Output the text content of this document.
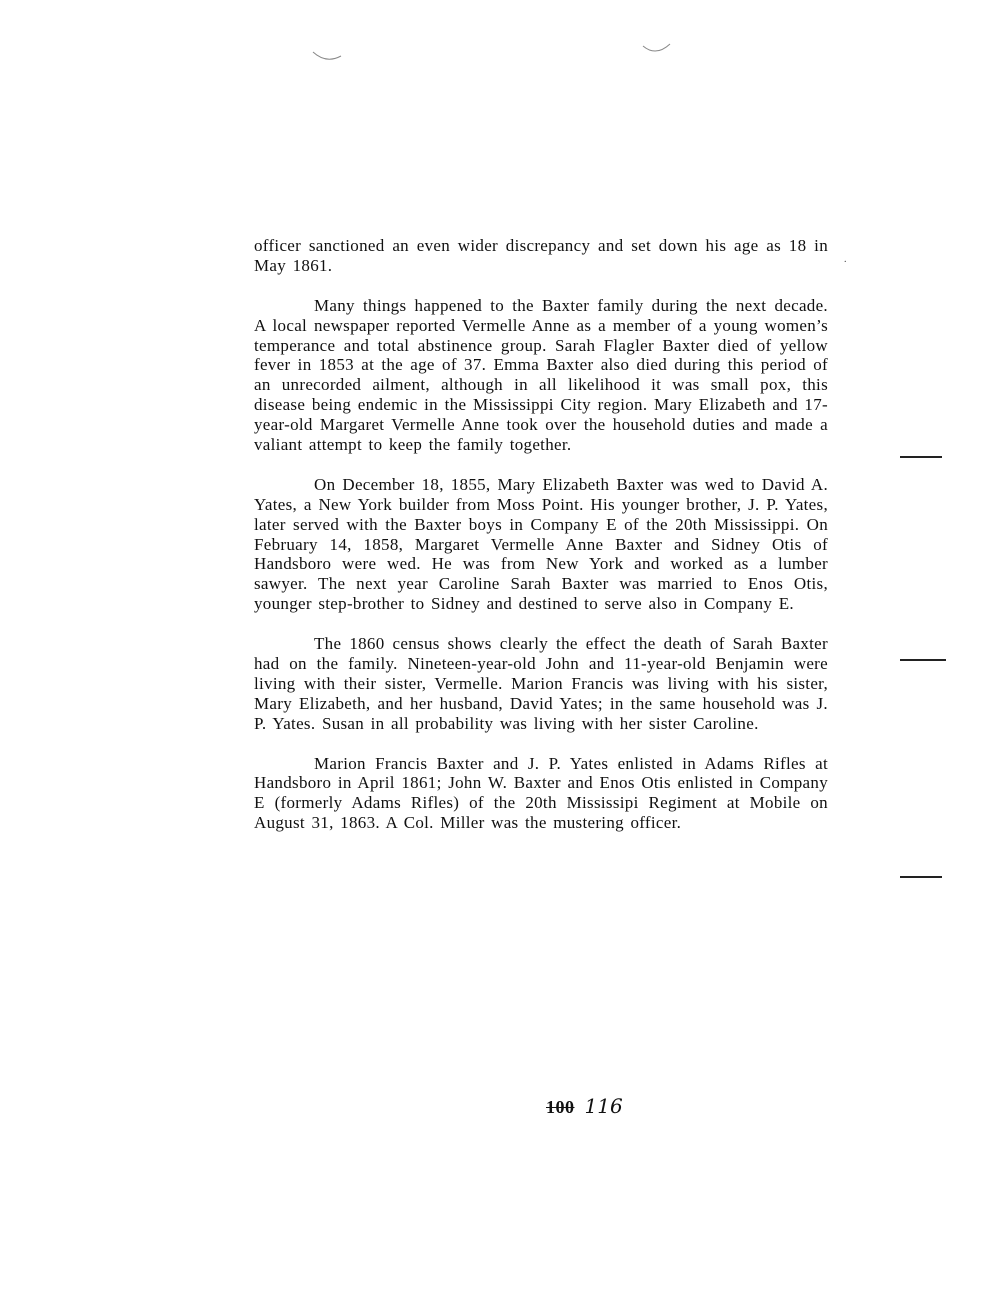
.

officer sanctioned an even wider discrepancy and set down his age as 18 in May 1861.

Many things happened to the Baxter family during the next decade. A local newspaper reported Vermelle Anne as a member of a young women’s temperance and total abstinence group. Sarah Flagler Baxter died of yellow fever in 1853 at the age of 37. Emma Baxter also died during this period of an unrecorded ailment, although in all likelihood it was small pox, this disease being endemic in the Mississippi City region. Mary Elizabeth and 17-year-old Margaret Vermelle Anne took over the household duties and made a valiant attempt to keep the family together.

On December 18, 1855, Mary Elizabeth Baxter was wed to David A. Yates, a New York builder from Moss Point. His younger brother, J. P. Yates, later served with the Baxter boys in Company E of the 20th Mississippi. On February 14, 1858, Margaret Vermelle Anne Baxter and Sidney Otis of Handsboro were wed. He was from New York and worked as a lumber sawyer. The next year Caroline Sarah Baxter was married to Enos Otis, younger step-brother to Sidney and destined to serve also in Company E.

The 1860 census shows clearly the effect the death of Sarah Baxter had on the family. Nineteen-year-old John and 11-year-old Benjamin were living with their sister, Vermelle. Marion Francis was living with his sister, Mary Elizabeth, and her husband, David Yates; in the same household was J. P. Yates. Susan in all probability was living with her sister Caroline.

Marion Francis Baxter and J. P. Yates enlisted in Adams Rifles at Handsboro in April 1861; John W. Baxter and Enos Otis enlisted in Company E (formerly Adams Rifles) of the 20th Mississipi Regiment at Mobile on August 31, 1863. A Col. Miller was the mustering officer.

100 116
